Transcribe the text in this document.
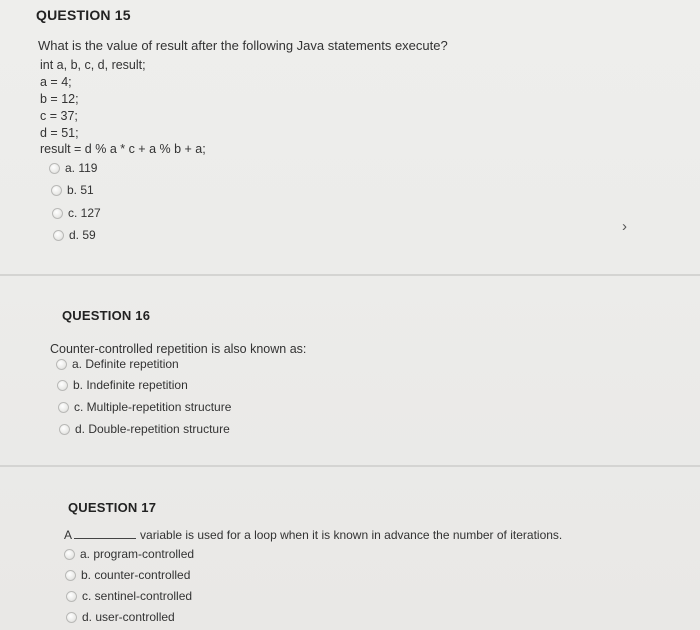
QUESTION 15
What is the value of result after the following Java statements execute?
int a, b, c, d, result;
a = 4;
b = 12;
c = 37;
d = 51;
result = d % a * c + a % b + a;
a. 119
b. 51
c. 127
d. 59	›
QUESTION 16
Counter-controlled repetition is also known as:
a. Definite repetition
b. Indefinite repetition
c. Multiple-repetition structure
d. Double-repetition structure
QUESTION 17
A	variable is used for a loop when it is known in advance the number of iterations.
a. program-controlled
b. counter-controlled
c. sentinel-controlled
d. user-controlled
